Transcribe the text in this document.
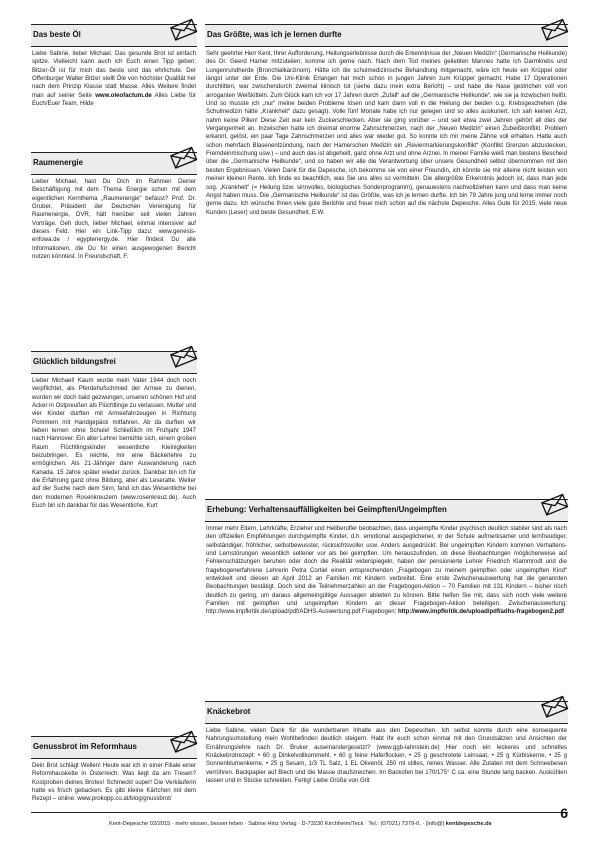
Das beste Öl

Liebe Sabine, lieber Michael. Das gesunde Brot ist einfach spitze. Vielleicht kann auch ich Euch einen Tipp geben: Bitzer-Öl ist für mich das beste und das ehrlichste. Der Offenburger Walter Bitzer stellt Öle von höchster Qualität her nach dem Prinzip Klasse statt Masse. Alles Weitere findet man auf seiner Seite www.oleofactum.de Alles Liebe für Euch/Euer Team, Hilde

Raumenergie

Lieber Michael, hast Du Dich im Rahmen Deiner Beschäftigung mit dem Thema Energie schon mit dem eigentlichen Kernthema „Raumenergie“ befasst? Prof. Dr. Gruber, Präsident der Deutschen Vereinigung für Raumenergie, DVR, hält hierüber seit vielen Jahren Vorträge. Geh doch, lieber Michael, einmal intensiver auf dieses Feld. Hier ein Link-Tipp dazu: www.genesis-enfowa.de / egyptenergy.de. Hier findest Du alle Informationen, die Du für einen ausgewogenen Bericht nutzen könntest. In Freundschaft, F.

Glücklich bildungsfrei

Lieber Michael! Kaum wurde mein Vater 1944 doch noch verpflichtet, als Pferdehufschmied der Armee zu dienen, wurden wir doch bald gezwungen, unseren schönen Hof und Acker in Ostpreußen als Flüchtlinge zu verlassen. Mutter und vier Kinder durften mit Armeefahrzeugen in Richtung Pommern mit Handgepäck mitfahren. Ab da durften wir lieben lernen ohne Schule! Schließlich im Frühjahr 1947 nach Hannover. Ein alter Lehrer bemühte sich, einem großen Raum Flüchtlingskinder wesentliche Kleinigkeiten beizubringen. Es reichte, mir eine Bäckerlehre zu ermöglichen. Als 21-Jähriger dann Auswanderung nach Kanada. 15 Jahre später wieder zurück. Dankbar bin ich für die Erfahrung ganz ohne Bildung, aber als Leseratte. Weiter auf der Suche nach dem Sinn, fand ich das Wesentliche bei den modernen Rosenkreuzern (www.rosenkreuz.de). Auch Euch bin ich dankbar für das Wesentliche, Kurt

Genussbrot im Reformhaus

Dein Brot schlägt Wellen! Heute war ich in einer Filiale einer Reformhauskette in Österreich. Was liegt da am Tresen? Kostproben deines Brotes! Schmeckt super! Die Verkäuferin hatte es frisch gebacken. Es gibt kleine Kärtchen mit dem Rezept – online: www.prokopp.co.at/blog/gnussbrot/

Das Größte, was ich je lernen durfte

Sehr geehrter Herr Kent, Ihrer Aufforderung, Heilungserlebnisse durch die Erkenntnisse der „Neuen Medizin“ (Germanische Heilkunde) des Dr. Geerd Hamer mitzuteilen, komme ich gerne nach. Nach dem Tod meines geliebten Mannes hatte ich Darmkrebs und Lungenrundherde (Bronchialkarzinom). Hätte ich die schulmedizinische Behandlung mitgemacht, wäre ich heute ein Krüppel oder längst unter der Erde. Die Uni-Klinik Erlangen hat mich schon in jungen Jahren zum Krüppel gemacht. Habe 17 Operationen durchlitten, war zwischendurch zweimal klinisch tot (siehe dazu mein extra Bericht) – und habe die Nase gestrichen voll von arroganten Weißkitteln. Zum Glück kam ich vor 17 Jahren durch „Zufall“ auf die „Germanische Heilkunde“, wie sie ja inzwischen heißt. Und so musste ich „nur“ meine beiden Probleme lösen und kam dann voll in die Heilung der beiden o.g. Krebsgeschehen (die Schulmedizin hätte „Krankheit“ dazu gesagt). Volle fünf Monate habe ich nur gelegen und so alles auskuriert. Ich sah keinen Arzt, nahm keine Pillen! Diese Zeit war kein Zuckerschlecken. Aber sie ging vorüber – und seit etwa zwei Jahren gehört all dies der Vergangenheit an. Inzwischen hatte ich dreimal enorme Zahnschmerzen, nach der „Neuen Medizin“ einen Zubeißkonflikt. Problem erkannt, gelöst, ein paar Tage Zahnschmerzen und alles war wieder gut. So konnte ich mir meine Zähne voll erhalten. Hatte auch schon mehrfach Blasenentzündung, nach der Hamerschen Medizin ein „Reviermarkierungskonflikt“ (Konflikt Grenzen abzustecken, Fremdeinmischung usw.) – und auch das ist abgeheilt, ganz ohne Arzt und ohne Arznei. In meiner Familie weiß man bestens Bescheid über die „Germanische Heilkunde“, und so haben wir alle die Verantwortung über unsere Gesundheit selbst übernommen mit den besten Ergebnissen. Vielen Dank für die Depesche, ich bekomme sie von einer Freundin, ich könnte sie mir alleine nicht leisten von meiner kleinen Rente. Ich finde es beachtlich, was Sie uns alles so vermitteln. Die allergrößte Erkenntnis jedoch ist, dass man jede sog. „Krankheit“ (= Heilung bzw. sinnvolles, biologisches Sonderprogramm), genauestens nachvollziehen kann und dass man keine Angst haben muss. Die „Germanische Heilkunde“ ist das Größte, was ich je lernen durfte. Ich bin 79 Jahre jung und lerne immer noch gerne dazu. Ich wünsche Ihnen viele gute Berichte und freue mich schon auf die nächste Depesche. Alles Gute für 2015, viele neue Kunden (Leser) und beste Gesundheit, E.W.

Erhebung: Verhaltensauffälligkeiten bei Geimpften/Ungeimpften

Immer mehr Eltern, Lehrkräfte, Erzieher und Heilberufler beobachten, dass ungeimpfte Kinder psychisch deutlich stabiler sind als nach den offiziellen Empfehlungen durchgeimpfte Kinder, d.h. emotional ausgeglichener, in der Schule aufmerksamer und lernfreudiger, selbständiger, fröhlicher, selbstbewusster, rücksichtsvoller usw. Anders ausgedrückt: Bei ungeimpften Kindern kommen Verhaltens- und Lernstörungen wesentlich seltener vor als bei geimpften. Um herauszufinden, ob diese Beobachtungen möglicherweise auf Fehleinschätzungen beruhen oder doch die Realität widerspiegeln, haben der pensionierte Lehrer Friedrich Klammrodt und die fragebogenerfahrene Lehrerin Petra Cortiel einen entsprechenden „Fragebogen zu meinem geimpften oder ungeimpften Kind“ entwickelt und diesen ab April 2012 an Familien mit Kindern verbreitet. Eine erste Zwischenauswertung hat die genannten Beobachtungen bestätigt. Doch sind die Teilnehmerzahlen an der Fragebogen-Aktion – 70 Familien mit 131 Kindern – bisher noch deutlich zu gering, um daraus allgemeingültige Aussagen ableiten zu können. Bitte helfen Sie mit, dass sich noch viele weitere Familien mit geimpften und ungeimpften Kindern an dieser Fragebogen-Aktion beteiligen. Zwischenauswertung: http://www.impfkritik.de/upload/pdf/ADHS-Auswertung.pdf Fragebogen: http://www.impfkritik.de/upload/pdf/adhs-fragebogen2.pdf

Knäckebrot

Liebe Sabine, vielen Dank für die wunderbaren Inhalte aus den Depeschen. Ich selbst konnte durch eine konsequente Nahrungsumstellung mein Wohlbefinden deutlich steigern. Habt Ihr euch schon einmal mit den Grundsätzen und Ansichten der Ernährungslehre nach Dr. Bruker auseinandergesetzt? (www.ggb-lahnstein.de) Hier noch ein leckeres und schnelles Knäckebrotrezept: • 60 g Dinkelvollkornmehl, • 60 g feine Haferflocken, • 25 g geschrotete Leinsaat, • 25 g Kürbiskerne, • 25 g Sonnenblumenkerne, • 25 g Sesam, 1/3 TL Salz, 1 EL Olivenöl, 250 ml stilles, reines Wasser. Alle Zutaten mit dem Schneebesen verrühren. Backpapier auf Blech und die Masse draufstreichen. Im Backofen bei 170/175° C ca. eine Stunde lang backen. Auskühlen lassen und in Stücke schneiden. Fertig! Liebe Grüße von Grit

Kent-Depesche 02/2015 · mehr wissen, besser leben · Sabine Hinz Verlag · D-73230 Kirchheim/Teck · Tel.: (07021) 7379-0, · [info@] kentdepesche.de
6
